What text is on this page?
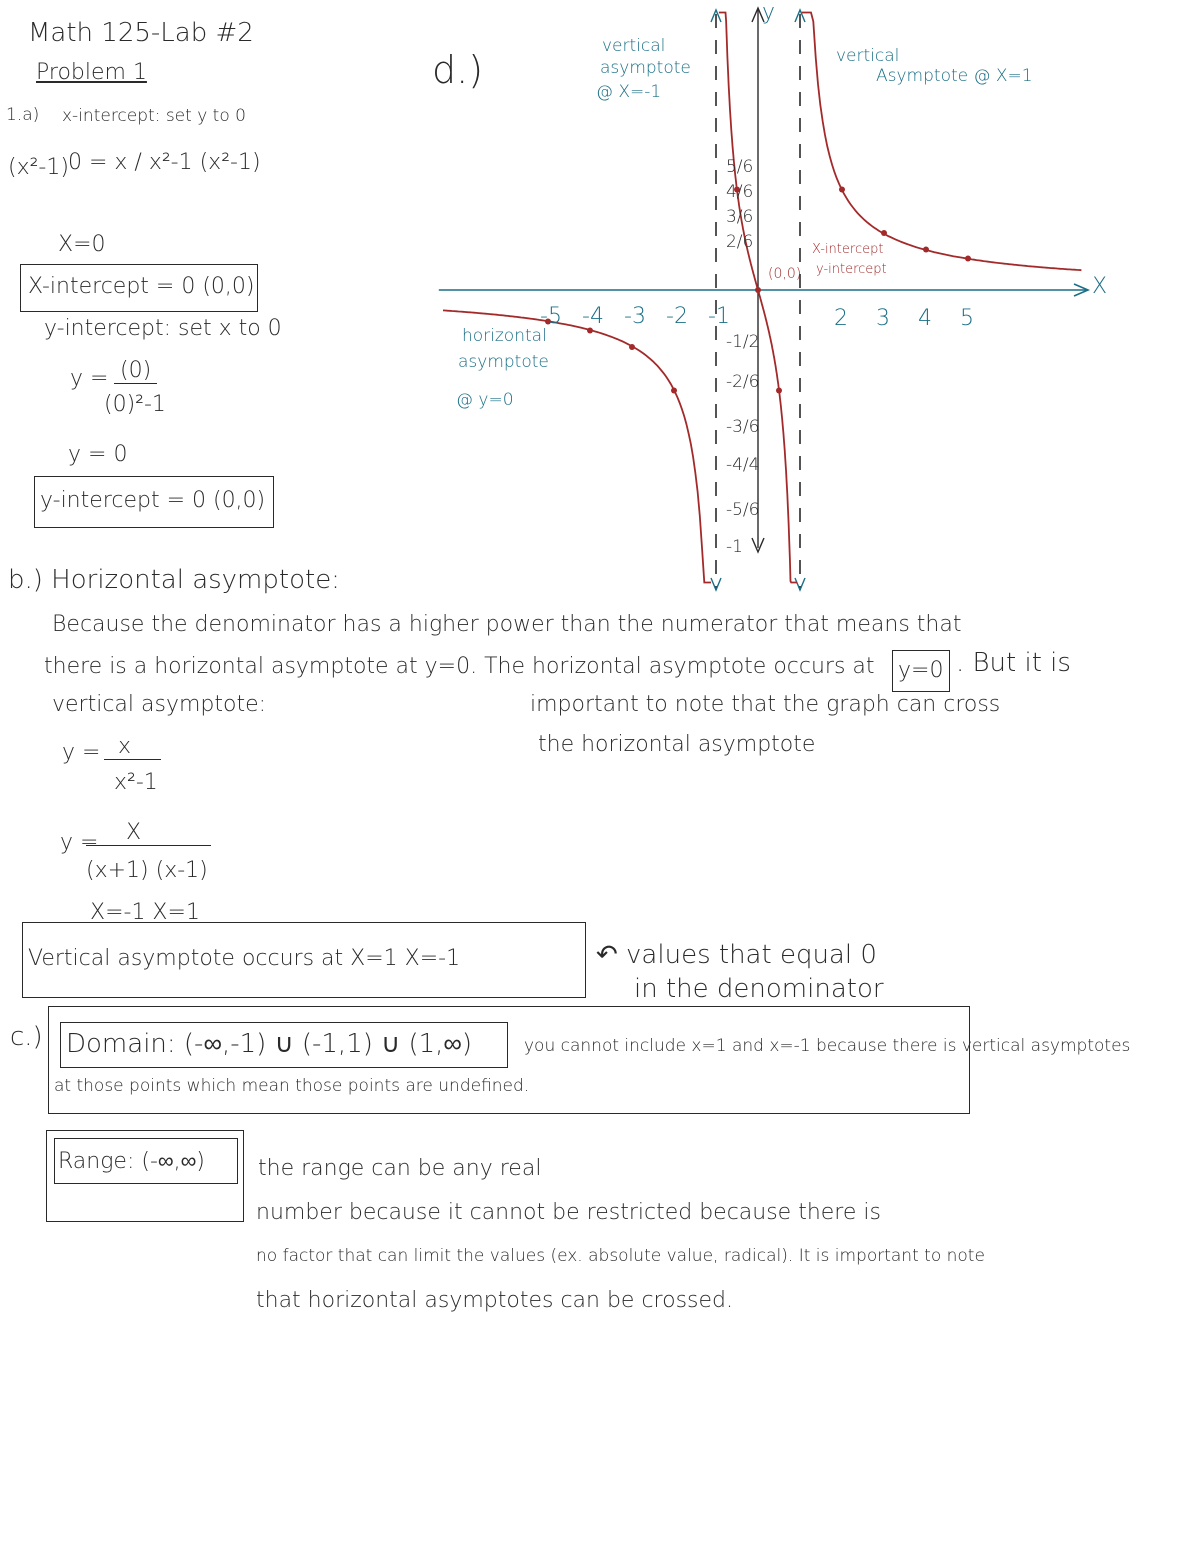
Math 125-Lab #2
Problem 1
1.a) x-intercept: set y to 0
(x²-1) 0 = x / x²-1 (x²-1)
X=0
X-intercept = 0 (0,0)
y-intercept: set x to 0
y = (0)
(0)²-1
y = 0
y-intercept = 0 (0,0)
b.) Horizontal asymptote:
Because the denominator has a higher power than the numerator that means that
there is a horizontal asymptote at y=0. The horizontal asymptote occurs at y=0 . But it is
important to note that the graph can cross
the horizontal asymptote
vertical asymptote:
y = x
x²-1
y =	X
(x+1) (x-1)
X=-1 X=1
Vertical asymptote occurs at X=1 X=-1	↶ values that equal 0
in the denominator
c.) Domain: (-∞,-1) ∪ (-1,1) ∪ (1,∞)	you cannot include x=1 and x=-1 because there is vertical asymptotes
at those points which mean those points are undefined.
Range: (-∞,∞) the range can be any real
number because it cannot be restricted because there is
no factor that can limit the values (ex. absolute value, radical). It is important to note
that horizontal asymptotes can be crossed.
d.)
vertical
asymptote
@ X=-1
vertical
Asymptote @ X=1
horizontal
asymptote
@ y=0
(0,0)
X-intercept
y-intercept
X
y
-5 -4 -3 -2 -1	2 3 4 5
5/6
4/6
3/6
2/6
-1/2
-2/6
-3/6
-4/4
-5/6
-1
